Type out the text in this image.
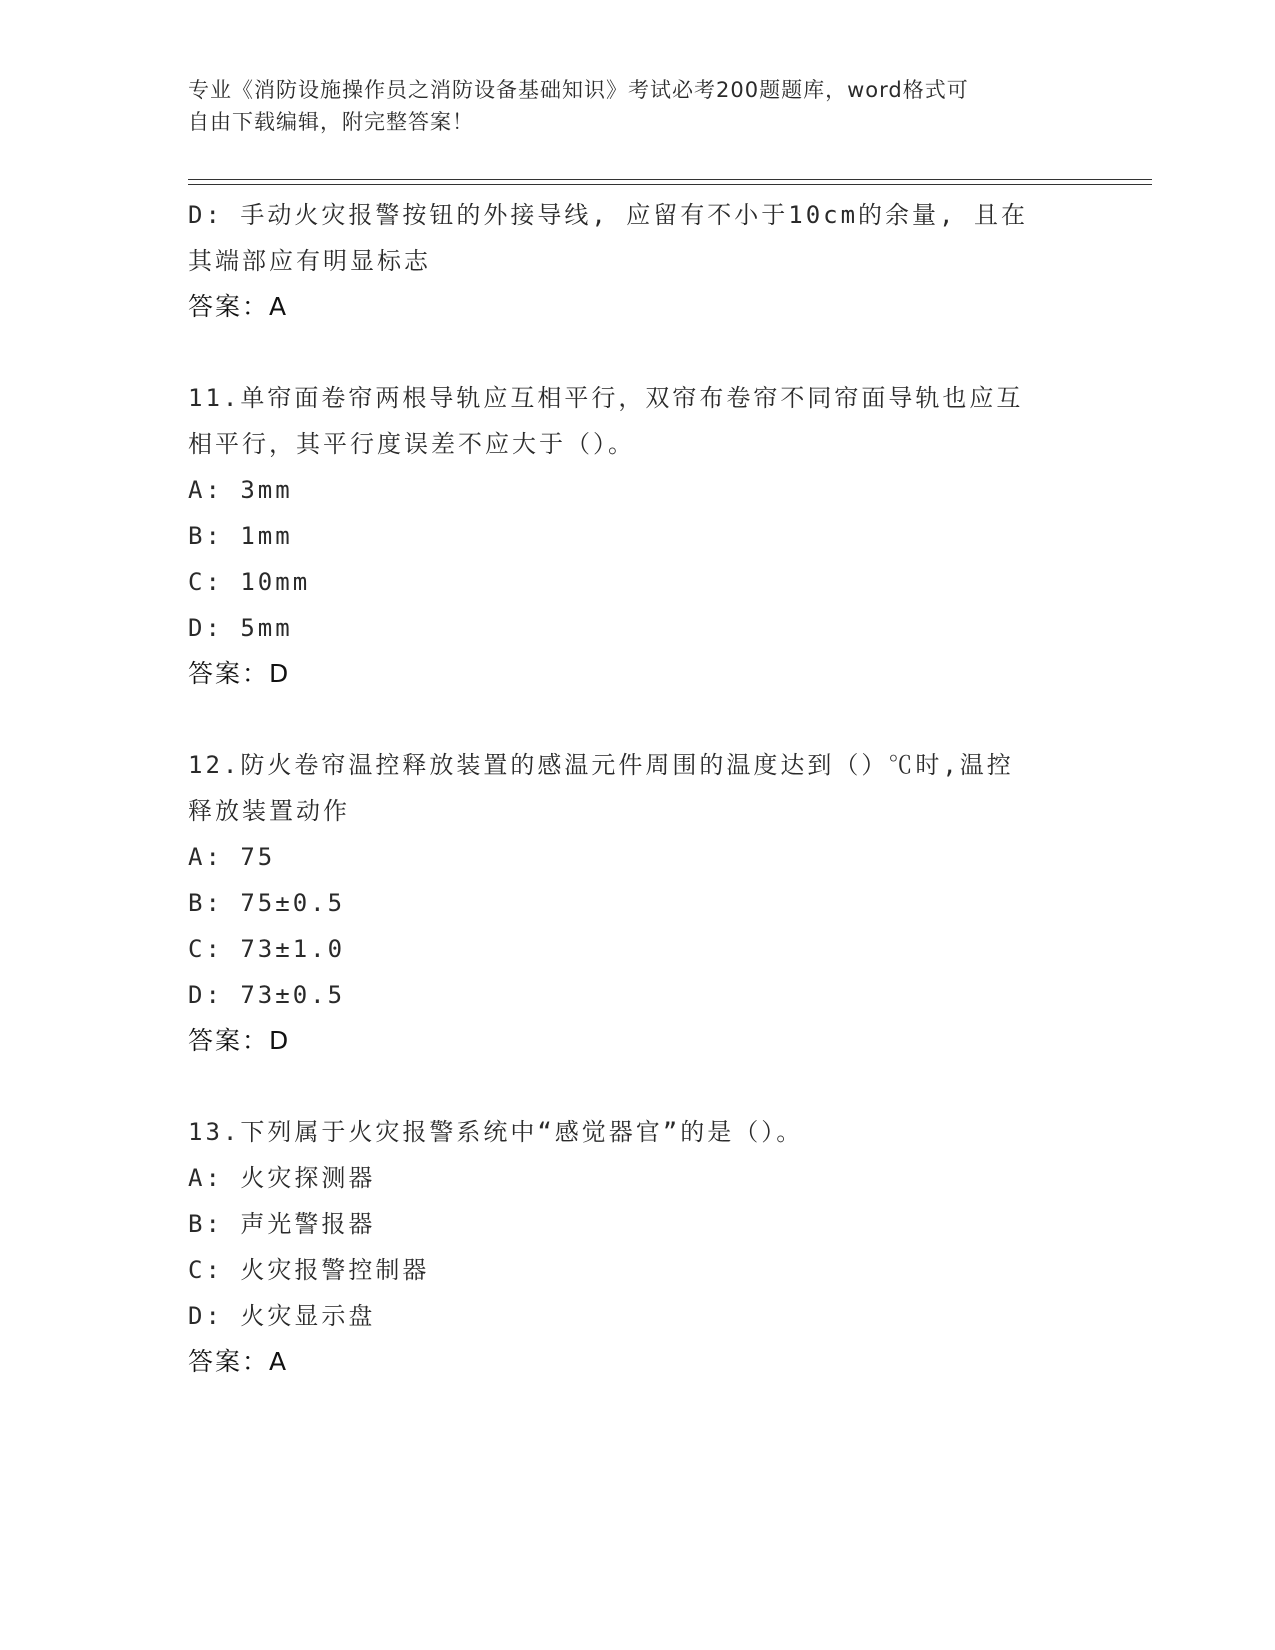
专业《消防设施操作员之消防设备基础知识》考试必考200题题库，word格式可
自由下载编辑，附完整答案！
D: 手动火灾报警按钮的外接导线, 应留有不小于10cm的余量, 且在
其端部应有明显标志
答案：A
11.单帘面卷帘两根导轨应互相平行，双帘布卷帘不同帘面导轨也应互
相平行，其平行度误差不应大于（）。
A: 3mm
B: 1mm
C: 10mm
D: 5mm
答案：D
12.防火卷帘温控释放装置的感温元件周围的温度达到（）℃时,温控
释放装置动作
A: 75
B: 75±0.5
C: 73±1.0
D: 73±0.5
答案：D
13.下列属于火灾报警系统中“感觉器官”的是（）。
A: 火灾探测器
B: 声光警报器
C: 火灾报警控制器
D: 火灾显示盘
答案：A
